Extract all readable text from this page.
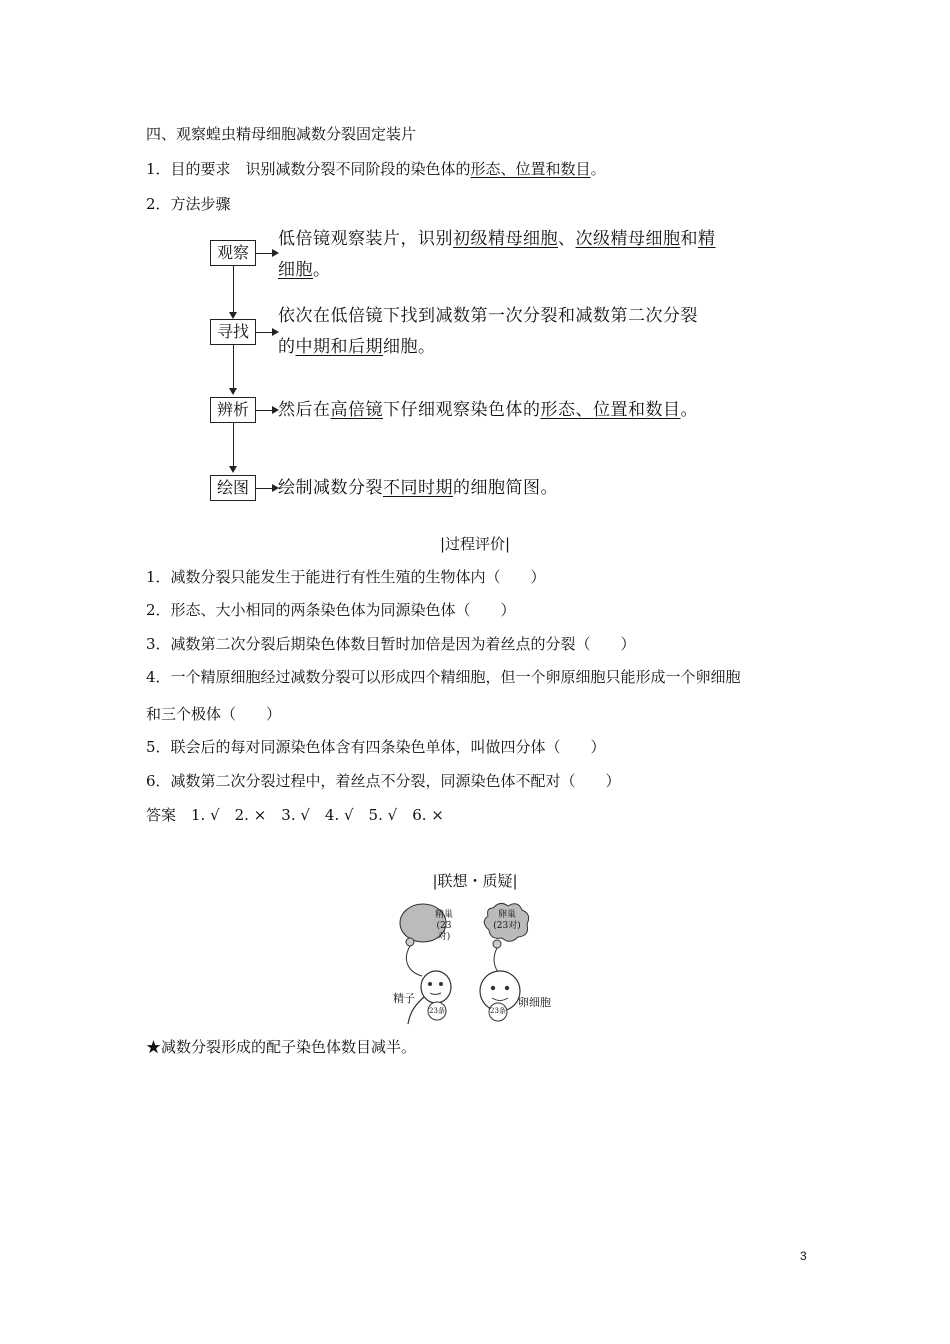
四、观察蝗虫精母细胞减数分裂固定装片
1．目的要求　识别减数分裂不同阶段的染色体的形态、位置和数目。
2．方法步骤
观察
低倍镜观察装片，识别初级精母细胞、次级精母细胞和精
细胞。
寻找
依次在低倍镜下找到减数第一次分裂和减数第二次分裂
的中期和后期细胞。
辨析	然后在高倍镜下仔细观察染色体的形态、位置和数目。
绘图	绘制减数分裂不同时期的细胞简图。
|过程评价|
1．减数分裂只能发生于能进行有性生殖的生物体内（　　）
2．形态、大小相同的两条染色体为同源染色体（　　）
3．减数第二次分裂后期染色体数目暂时加倍是因为着丝点的分裂（　　）
4．一个精原细胞经过减数分裂可以形成四个精细胞，但一个卵原细胞只能形成一个卵细胞
和三个极体（　　）
5．联会后的每对同源染色体含有四条染色单体，叫做四分体（　　）
6．减数第二次分裂过程中，着丝点不分裂，同源染色体不配对（　　）
答案　1. √　2. ×　3. √　4. √　5. √　6. ×
|联想・质疑|
精巢
(23对)
卵巢
(23对)
精子	卵细胞
23条	23条
★减数分裂形成的配子染色体数目减半。
3
